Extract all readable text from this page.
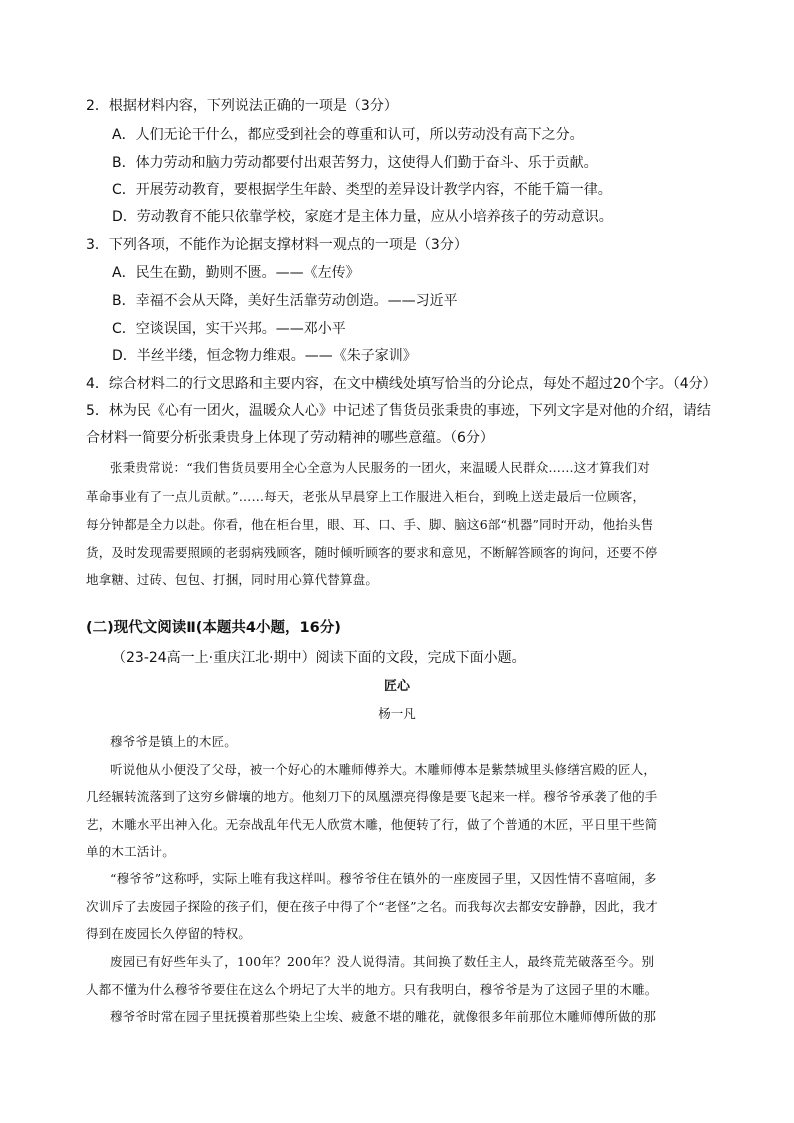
2．根据材料内容，下列说法正确的一项是（3分）
A．人们无论干什么，都应受到社会的尊重和认可，所以劳动没有高下之分。
B．体力劳动和脑力劳动都要付出艰苦努力，这使得人们勤于奋斗、乐于贡献。
C．开展劳动教育，要根据学生年龄、类型的差异设计教学内容，不能千篇一律。
D．劳动教育不能只依靠学校，家庭才是主体力量，应从小培养孩子的劳动意识。
3．下列各项，不能作为论据支撑材料一观点的一项是（3分）
A．民生在勤，勤则不匮。——《左传》
B．幸福不会从天降，美好生活靠劳动创造。——习近平
C．空谈误国，实干兴邦。——邓小平
D．半丝半缕，恒念物力维艰。——《朱子家训》
4．综合材料二的行文思路和主要内容，在文中横线处填写恰当的分论点，每处不超过20个字。（4分）
5．林为民《心有一团火，温暖众人心》中记述了售货员张秉贵的事迹，下列文字是对他的介绍，请结
合材料一简要分析张秉贵身上体现了劳动精神的哪些意蕴。（6分）
张秉贵常说：“我们售货员要用全心全意为人民服务的一团火，来温暖人民群众……这才算我们对
革命事业有了一点儿贡献。”……每天，老张从早晨穿上工作服进入柜台，到晚上送走最后一位顾客，
每分钟都是全力以赴。你看，他在柜台里，眼、耳、口、手、脚、脑这6部“机器”同时开动，他抬头售
货，及时发现需要照顾的老弱病残顾客，随时倾听顾客的要求和意见，不断解答顾客的询问，还要不停
地拿糖、过砖、包包、打捆，同时用心算代替算盘。
(二)现代文阅读Ⅱ(本题共4小题，16分)
（23-24高一上·重庆江北·期中）阅读下面的文段，完成下面小题。
匠心
杨一凡
穆爷爷是镇上的木匠。
听说他从小便没了父母，被一个好心的木雕师傅养大。木雕师傅本是紫禁城里头修缮宫殿的匠人，
几经辗转流落到了这穷乡僻壤的地方。他刻刀下的凤凰漂亮得像是要飞起来一样。穆爷爷承袭了他的手
艺，木雕水平出神入化。无奈战乱年代无人欣赏木雕，他便转了行，做了个普通的木匠，平日里干些简
单的木工活计。
“穆爷爷”这称呼，实际上唯有我这样叫。穆爷爷住在镇外的一座废园子里，又因性情不喜喧闹，多
次训斥了去废园子探险的孩子们，便在孩子中得了个“老怪”之名。而我每次去都安安静静，因此，我才
得到在废园长久停留的特权。
废园已有好些年头了，100年？200年？没人说得清。其间换了数任主人，最终荒芜破落至今。别
人都不懂为什么穆爷爷要住在这么个坍圮了大半的地方。只有我明白，穆爷爷是为了这园子里的木雕。
穆爷爷时常在园子里抚摸着那些染上尘埃、疲惫不堪的雕花，就像很多年前那位木雕师傅所做的那
